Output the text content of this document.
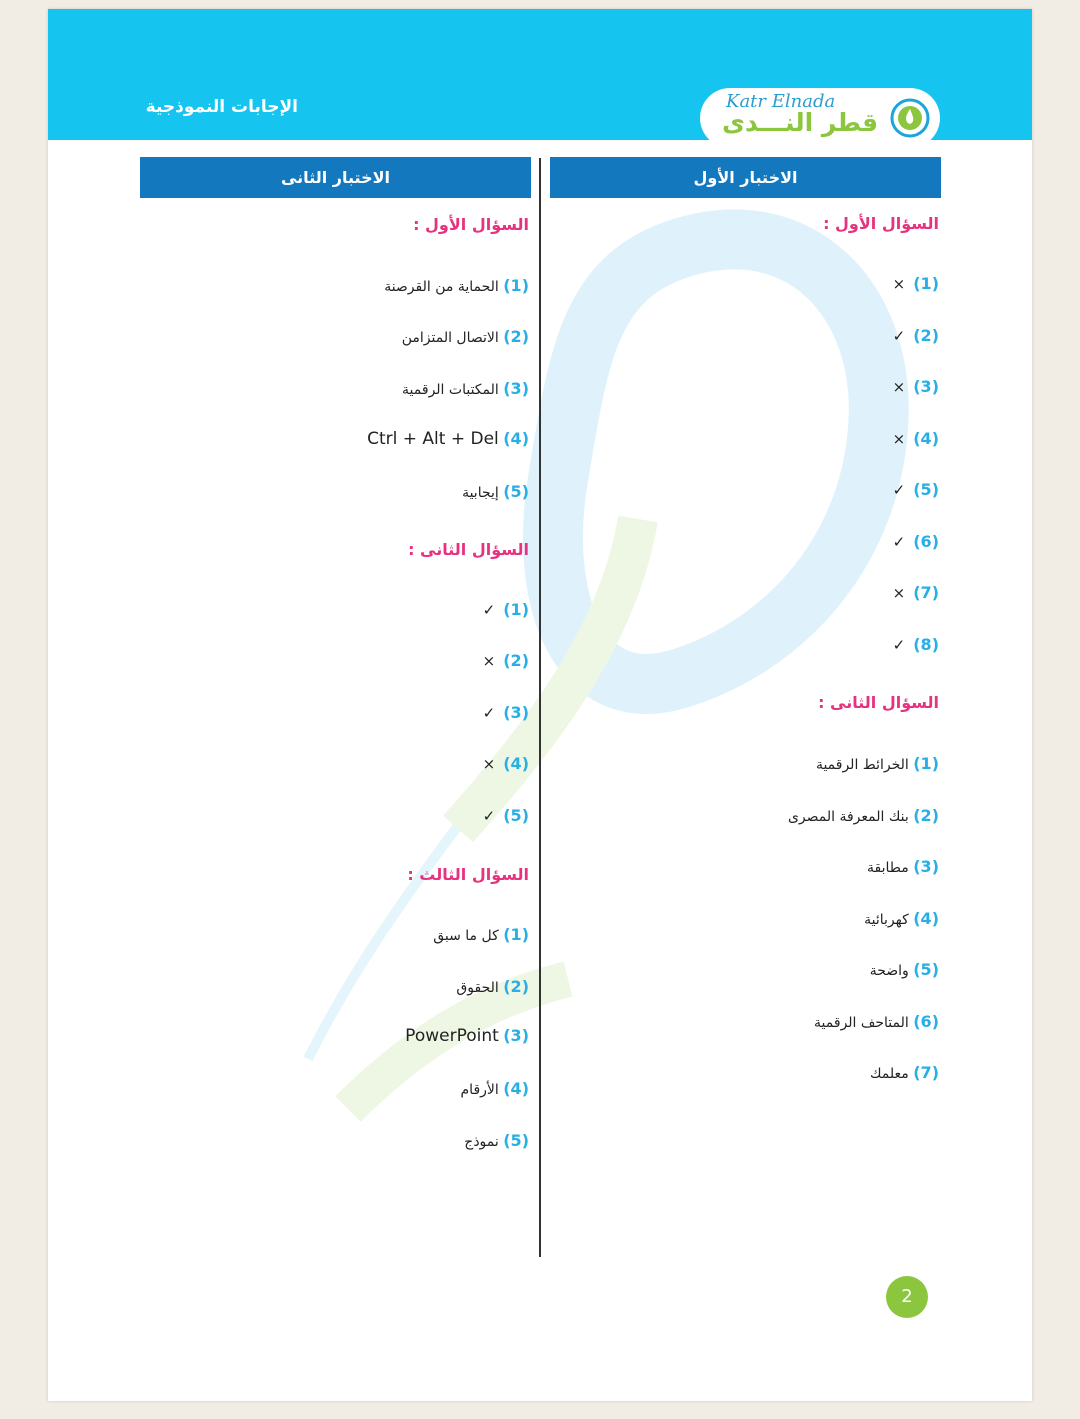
الإجابات النموذجية	Katr Elnada
قطر النـــدى
الاختبار الأول
السؤال الأول :
(1)×
(2)✓
(3)×
(4)×
(5)✓
(6)✓
(7)×
(8)✓
السؤال الثانى :
(1) الخرائط الرقمية
(2) بنك المعرفة المصرى
(3) مطابقة
(4) كهربائية
(5) واضحة
(6) المتاحف الرقمية
(7) معلمك
الاختبار الثانى
السؤال الأول :
(1) الحماية من القرصنة
(2) الاتصال المتزامن
(3) المكتبات الرقمية
(4) Ctrl + Alt + Del
(5) إيجابية
السؤال الثانى :
(1)✓
(2)×
(3)✓
(4)×
(5)✓
السؤال الثالث :
(1) كل ما سبق
(2) الحقوق
(3) PowerPoint
(4) الأرقام
(5) نموذج
2
